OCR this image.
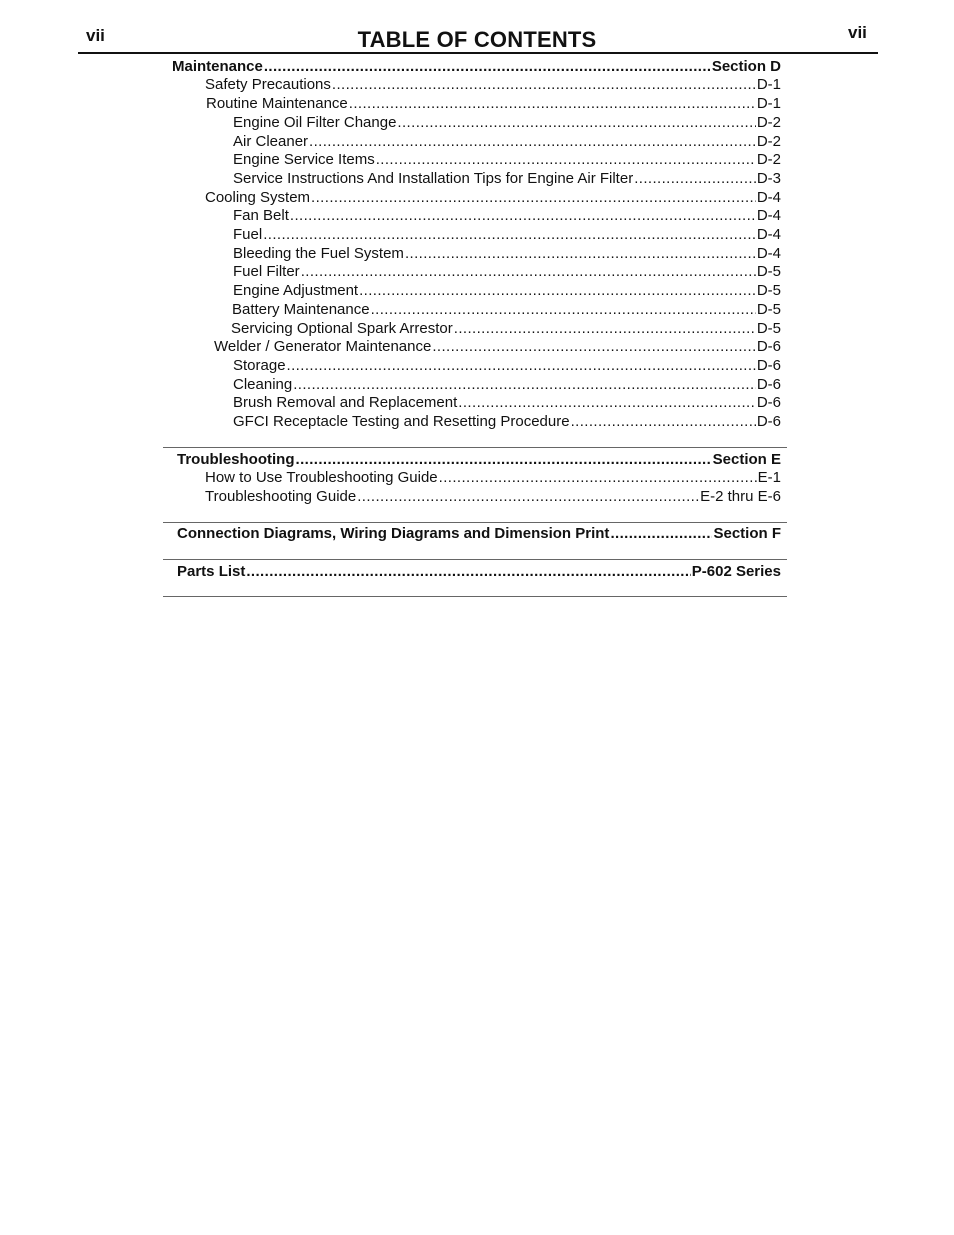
vii	TABLE OF CONTENTS	vii
Maintenance .....	Section D
Safety Precautions .....	D-1
Routine Maintenance .....	D-1
Engine Oil Filter Change .....	D-2
Air Cleaner .....	D-2
Engine Service Items .....	D-2
Service Instructions And Installation Tips for Engine Air Filter .....	D-3
Cooling System .....	D-4
Fan Belt .....	D-4
Fuel .....	D-4
Bleeding the Fuel System .....	D-4
Fuel Filter .....	D-5
Engine Adjustment .....	D-5
Battery Maintenance .....	D-5
Servicing Optional Spark Arrestor .....	D-5
Welder / Generator Maintenance .....	D-6
Storage .....	D-6
Cleaning .....	D-6
Brush Removal and Replacement .....	D-6
GFCI Receptacle Testing and Resetting Procedure .....	D-6
Troubleshooting .....	Section E
How to Use Troubleshooting Guide .....	E-1
Troubleshooting Guide .....	E-2 thru E-6
Connection Diagrams, Wiring Diagrams and Dimension Print .....	Section F
Parts List .....	P-602 Series
